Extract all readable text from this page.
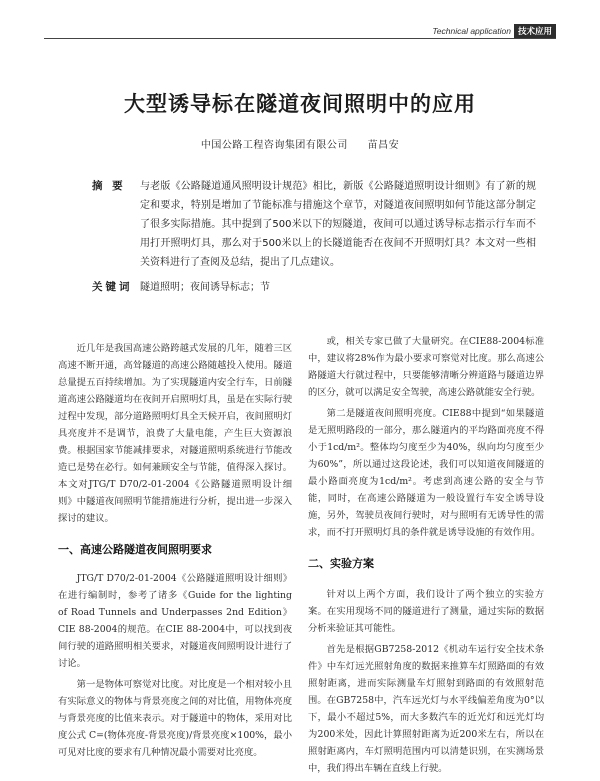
Technical application 技术应用
大型诱导标在隧道夜间照明中的应用
中国公路工程咨询集团有限公司 苗昌安
摘 要	与老版《公路隧道通风照明设计规范》相比，新版《公路隧道照明设计细则》有了新的规定和要求，特别是增加了节能标准与措施这个章节，对隧道夜间照明如何节能这部分制定了很多实际措施。其中提到了500米以下的短隧道，夜间可以通过诱导标志指示行车而不用打开照明灯具，那么对于500米以上的长隧道能否在夜间不开照明灯具？本文对一些相关资料进行了查阅及总结，提出了几点建议。

关键词 隧道照明；夜间诱导标志；节

近几年是我国高速公路跨越式发展的几年，随着三区高速不断开通，高耸隧道的高速公路随越投入使用。隧道总量提五百持续增加。为了实现隧道内安全行车，日前隧道高速公路隧道均在夜间开启照明灯具，虽是在实际行驶过程中发现，部分道路照明灯具全天候开启，夜间照明灯具亮度并不是调节，浪费了大量电能，产生巨大资源浪费。根据国家节能减排要求，对隧道照明系统进行节能改造已是势在必行。如何兼顾安全与节能，值得深入探讨。本文对JTG/T D70/2-01-2004《公路隧道照明设计细则》中隧道夜间照明节能措施进行分析，提出进一步深入探讨的建议。

一、高速公路隧道夜间照明要求

JTG/T D70/2-01-2004《公路隧道照明设计细则》在进行编制时，参考了诸多《Guide for the lighting of Road Tunnels and Underpasses 2nd Edition》CIE 88-2004的规范。在CIE 88-2004中，可以找到夜间行驶的道路照明相关要求，对隧道夜间照明设计进行了讨论。

第一是物体可察觉对比度。对比度是一个相对较小且有实际意义的物体与背景亮度之间的对比值，用物体亮度与背景亮度的比值来表示。对于隧道中的物体，采用对比度公式 C=(物体亮度-背景亮度)/背景亮度×100%，最小可见对比度的要求有几种情况最小需要对比亮度。

或，相关专家已做了大量研究。在CIE88-2004标准中，建议将28%作为最小要求可察觉对比度。那么高速公路隧道大行就过程中，只要能够清晰分辨道路与隧道边界的区分，就可以满足安全驾驶，高速公路就能安全行驶。

第二是隧道夜间照明亮度。CIE88中提到“如果隧道是无照明路段的一部分，那么隧道内的平均路面亮度不得小于1cd/m²。整体均匀度至少为40%，纵向均匀度至少为60%”，所以通过这段论述，我们可以知道夜间隧道的最小路面亮度为1cd/m²。考虑到高速公路的安全与节能，同时，在高速公路隧道为一般设置行车安全诱导设施，另外，驾驶员夜间行驶时，对与照明有无诱导性的需求，而不打开照明灯具的条件就是诱导设施的有效作用。

二、实验方案

针对以上两个方面，我们设计了两个独立的实验方案。在实用现场不同的隧道进行了测量，通过实际的数据分析来验证其可能性。

首先是根据GB7258-2012《机动车运行安全技术条件》中车灯远光照射角度的数据来推算车灯照路面的有效照射距离，进而实际测量车灯照射到路面的有效照射范围。在GB7258中，汽车远光灯与水平线偏差角度为0°以下，最小不超过5%，而大多数汽车的近光灯和远光灯均为200米处，因此计算照射距离为近200米左右，所以在照射距离内，车灯照明范围内可以清楚识别，在实测场景中，我们得出车辆在直线上行驶。
